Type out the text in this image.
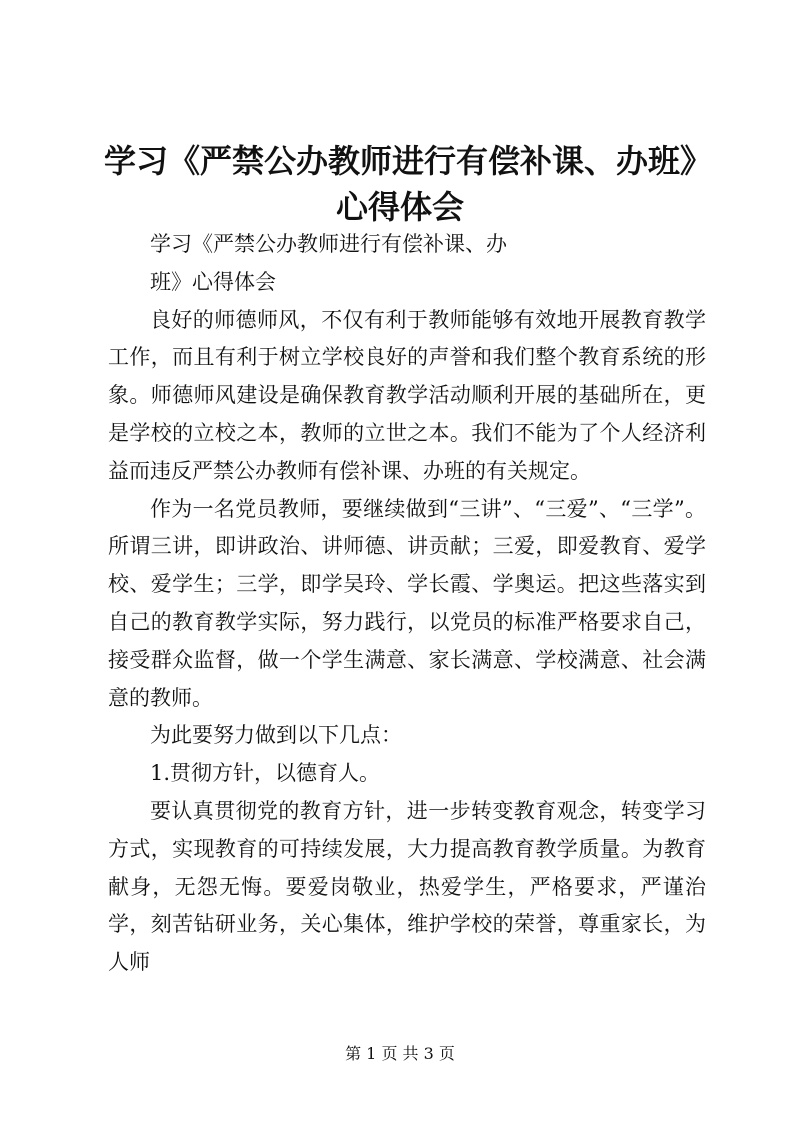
学习《严禁公办教师进行有偿补课、办班》心得体会

学习《严禁公办教师进行有偿补课、办

班》心得体会

良好的师德师风，不仅有利于教师能够有效地开展教育教学工作，而且有利于树立学校良好的声誉和我们整个教育系统的形象。师德师风建设是确保教育教学活动顺利开展的基础所在，更是学校的立校之本，教师的立世之本。我们不能为了个人经济利益而违反严禁公办教师有偿补课、办班的有关规定。

作为一名党员教师，要继续做到“三讲”、“三爱”、“三学”。所谓三讲，即讲政治、讲师德、讲贡献；三爱，即爱教育、爱学校、爱学生；三学，即学吴玲、学长霞、学奥运。把这些落实到自己的教育教学实际，努力践行，以党员的标准严格要求自己，接受群众监督，做一个学生满意、家长满意、学校满意、社会满意的教师。

为此要努力做到以下几点：

1.贯彻方针，以德育人。

要认真贯彻党的教育方针，进一步转变教育观念，转变学习方式，实现教育的可持续发展，大力提高教育教学质量。为教育献身，无怨无悔。要爱岗敬业，热爱学生，严格要求，严谨治学，刻苦钻研业务，关心集体，维护学校的荣誉，尊重家长，为人师

第 1 页 共 3 页
